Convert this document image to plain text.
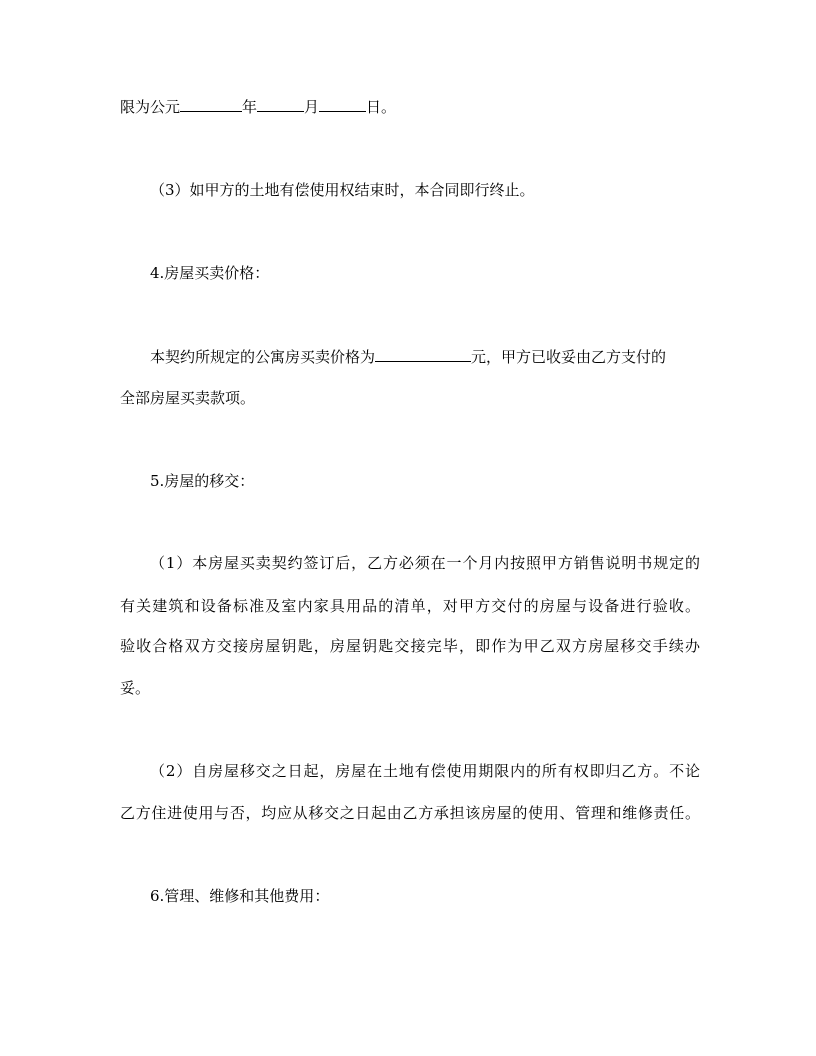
限为公元	年	月	日。
（3）如甲方的土地有偿使用权结束时，本合同即行终止。
4.房屋买卖价格：
本契约所规定的公寓房买卖价格为	元，甲方已收妥由乙方支付的
全部房屋买卖款项。
5.房屋的移交：
（1）本房屋买卖契约签订后，乙方必须在一个月内按照甲方销售说明书规定的
有关建筑和设备标准及室内家具用品的清单，对甲方交付的房屋与设备进行验收。
验收合格双方交接房屋钥匙，房屋钥匙交接完毕，即作为甲乙双方房屋移交手续办
妥。
（2）自房屋移交之日起，房屋在土地有偿使用期限内的所有权即归乙方。不论
乙方住进使用与否，均应从移交之日起由乙方承担该房屋的使用、管理和维修责任。
6.管理、维修和其他费用：
